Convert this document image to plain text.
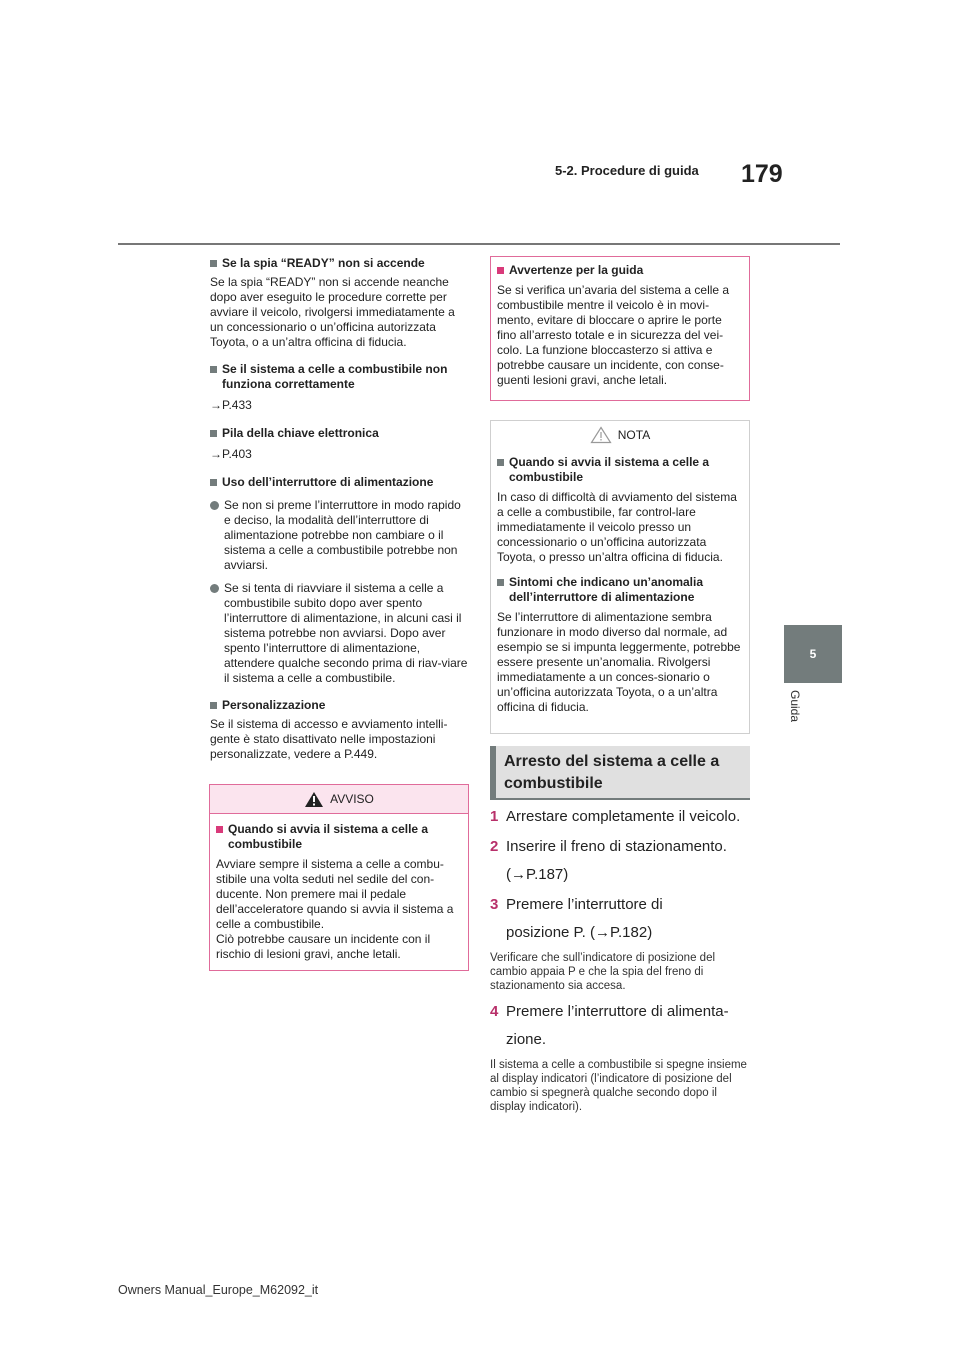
5-2. Procedure di guida 179
5
Guida
Se la spia “READY” non si accende

Se la spia “READY” non si accende neanche dopo aver eseguito le procedure corrette per avviare il veicolo, rivolgersi immediatamente a un concessionario o un’officina autorizzata Toyota, o a un’altra officina di fiducia.

Se il sistema a celle a combustibile non funziona correttamente

→P.433

Pila della chiave elettronica

→P.403

Uso dell’interruttore di alimentazione

Se non si preme l’interruttore in modo rapido e deciso, la modalità dell’interruttore di alimentazione potrebbe non cambiare o il sistema a celle a combustibile potrebbe non avviarsi.

Se si tenta di riavviare il sistema a celle a combustibile subito dopo aver spento l’interruttore di alimentazione, in alcuni casi il sistema potrebbe non avviarsi. Dopo aver spento l’interruttore di alimentazione, attendere qualche secondo prima di riav-viare il sistema a celle a combustibile.

Personalizzazione

Se il sistema di accesso e avviamento intelli-gente è stato disattivato nelle impostazioni personalizzate, vedere a P.449.

AVVISO
Quando si avvia il sistema a celle a combustibile

Avviare sempre il sistema a celle a combu-stibile una volta seduti nel sedile del con-ducente. Non premere mai il pedale dell’acceleratore quando si avvia il sistema a celle a combustibile.

Ciò potrebbe causare un incidente con il rischio di lesioni gravi, anche letali.

Avvertenze per la guida

Se si verifica un’avaria del sistema a celle a combustibile mentre il veicolo è in movi-mento, evitare di bloccare o aprire le porte fino all’arresto totale e in sicurezza del vei-colo. La funzione bloccasterzo si attiva e potrebbe causare un incidente, con conse-guenti lesioni gravi, anche letali.

NOTA
Quando si avvia il sistema a celle a combustibile

In caso di difficoltà di avviamento del sistema a celle a combustibile, far control-lare immediatamente il veicolo presso un concessionario o un’officina autorizzata Toyota, o presso un’altra officina di fiducia.

Sintomi che indicano un’anomalia dell’interruttore di alimentazione

Se l’interruttore di alimentazione sembra funzionare in modo diverso dal normale, ad esempio se si impunta leggermente, potrebbe essere presente un’anomalia. Rivolgersi immediatamente a un conces-sionario o un’officina autorizzata Toyota, o a un’altra officina di fiducia.

Arresto del sistema a celle a
combustibile
1 Arrestare completamente il veicolo.
2 Inserire il freno di stazionamento.
(→P.187)
3 Premere l’interruttore di
posizione P. (→P.182)

Verificare che sull’indicatore di posizione del cambio appaia P e che la spia del freno di stazionamento sia accesa.

4 Premere l’interruttore di alimenta-
zione.

Il sistema a celle a combustibile si spegne insieme al display indicatori (l’indicatore di posizione del cambio si spegnerà qualche secondo dopo il display indicatori).

Owners Manual_Europe_M62092_it
